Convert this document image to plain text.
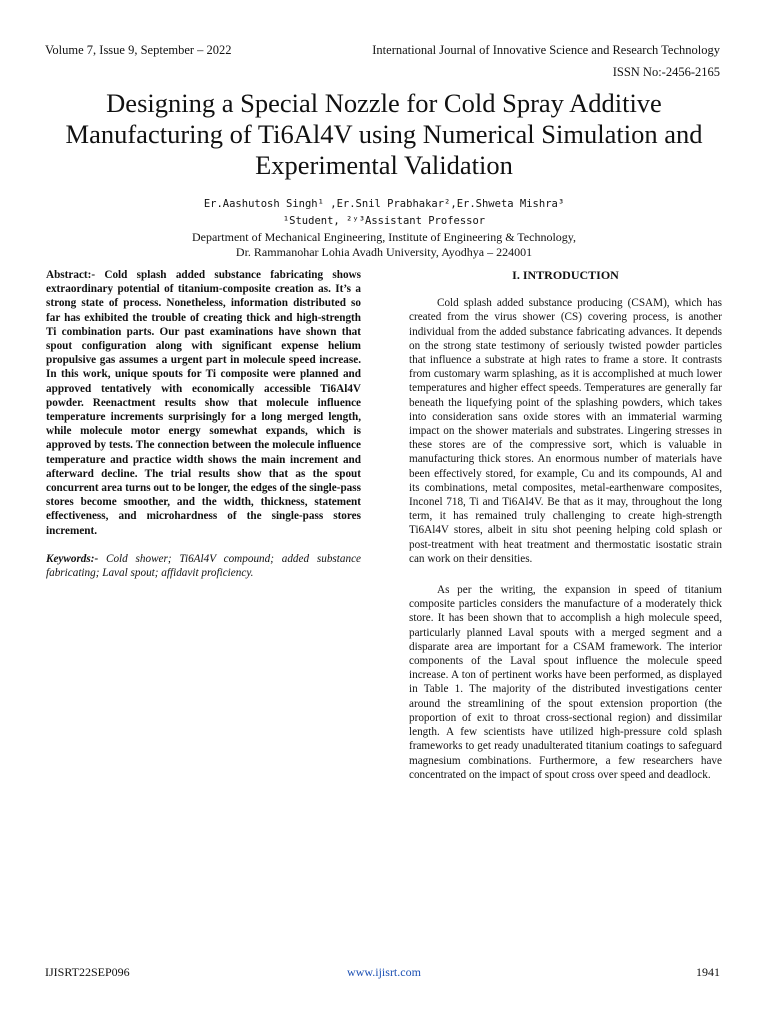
Volume 7, Issue 9, September – 2022	International Journal of Innovative Science and Research Technology
ISSN No:-2456-2165
Designing a Special Nozzle for Cold Spray Additive Manufacturing of Ti6Al4V using Numerical Simulation and Experimental Validation
Er.Aashutosh Singh¹ ,Er.Snil Prabhakar²,Er.Shweta Mishra³
¹Student, ²ʸ³Assistant Professor
Department of Mechanical Engineering, Institute of Engineering & Technology,
Dr. Rammanohar Lohia Avadh University, Ayodhya – 224001

Abstract:- Cold splash added substance fabricating shows extraordinary potential of titanium-composite creation as. It’s a strong state of process. Nonetheless, information distributed so far has exhibited the trouble of creating thick and high-strength Ti combination parts. Our past examinations have shown that spout configuration along with significant expense helium propulsive gas assumes a urgent part in molecule speed increase. In this work, unique spouts for Ti composite were planned and approved tentatively with economically accessible Ti6Al4V powder. Reenactment results show that molecule influence temperature increments surprisingly for a long merged length, while molecule motor energy somewhat expands, which is approved by tests. The connection between the molecule influence temperature and practice width shows the main increment and afterward decline. The trial results show that as the spout concurrent area turns out to be longer, the edges of the single-pass stores become smoother, and the width, thickness, statement effectiveness, and microhardness of the single-pass stores increment.

Keywords:- Cold shower; Ti6Al4V compound; added substance fabricating; Laval spout; affidavit proficiency.

I. INTRODUCTION

Cold splash added substance producing (CSAM), which has created from the virus shower (CS) covering process, is another individual from the added substance fabricating advances. It depends on the strong state testimony of seriously twisted powder particles that influence a substrate at high rates to frame a store. It contrasts from customary warm splashing, as it is accomplished at much lower temperatures and higher effect speeds. Temperatures are generally far beneath the liquefying point of the splashing powders, which takes into consideration sans oxide stores with an immaterial warming impact on the shower materials and substrates. Lingering stresses in these stores are of the compressive sort, which is valuable in manufacturing thick stores. An enormous number of materials have been effectively stored, for example, Cu and its compounds, Al and its combinations, metal composites, metal-earthenware composites, Inconel 718, Ti and Ti6Al4V. Be that as it may, throughout the long term, it has remained truly challenging to create high-strength Ti6Al4V stores, albeit in situ shot peening helping cold splash or post-treatment with heat treatment and thermostatic isostatic strain can work on their densities.

As per the writing, the expansion in speed of titanium composite particles considers the manufacture of a moderately thick store. It has been shown that to accomplish a high molecule speed, particularly planned Laval spouts with a merged segment and a disparate area are important for a CSAM framework. The interior components of the Laval spout influence the molecule speed increase. A ton of pertinent works have been performed, as displayed in Table 1. The majority of the distributed investigations center around the streamlining of the spout extension proportion (the proportion of exit to throat cross-sectional region) and dissimilar length. A few scientists have utilized high-pressure cold splash frameworks to get ready unadulterated titanium coatings to safeguard magnesium combinations. Furthermore, a few researchers have concentrated on the impact of spout cross over speed and deadlock.

IJISRT22SEP096	www.ijisrt.com	1941
